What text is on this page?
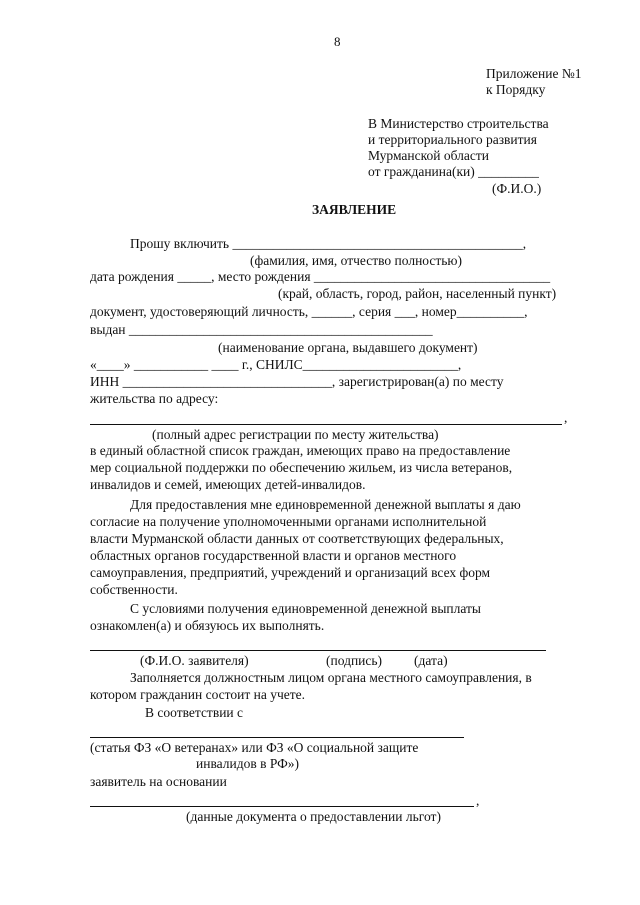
8
Приложение №1
к Порядку
В Министерство строительства
и территориального развития
Мурманской области
от гражданина(ки) _________
(Ф.И.О.)
ЗАЯВЛЕНИЕ
Прошу включить ___________________________________________,
(фамилия, имя, отчество полностью)
дата рождения _____, место рождения ___________________________________
(край, область, город, район, населенный пункт)
документ, удостоверяющий личность, ______, серия ___, номер__________,
выдан _____________________________________________
(наименование органа, выдавшего документ)
«____» ___________ ____ г., СНИЛС_______________________,
ИНН _______________________________, зарегистрирован(а) по месту
жительства по адресу:
,
(полный адрес регистрации по месту жительства)
в единый областной список граждан, имеющих право на предоставление
мер социальной поддержки по обеспечению жильем, из числа ветеранов,
инвалидов и семей, имеющих детей-инвалидов.
Для предоставления мне единовременной денежной выплаты я даю
согласие на получение уполномоченными органами исполнительной
власти Мурманской области данных от соответствующих федеральных,
областных органов государственной власти и органов местного
самоуправления, предприятий, учреждений и организаций всех форм
собственности.
С условиями получения единовременной денежной выплаты
ознакомлен(а) и обязуюсь их выполнять.
(Ф.И.О. заявителя)	(подпись) (дата)
Заполняется должностным лицом органа местного самоуправления, в
котором гражданин состоит на учете.
В соответствии с
(статья ФЗ «О ветеранах» или ФЗ «О социальной защите
инвалидов в РФ»)
заявитель на основании
,
(данные документа о предоставлении льгот)
